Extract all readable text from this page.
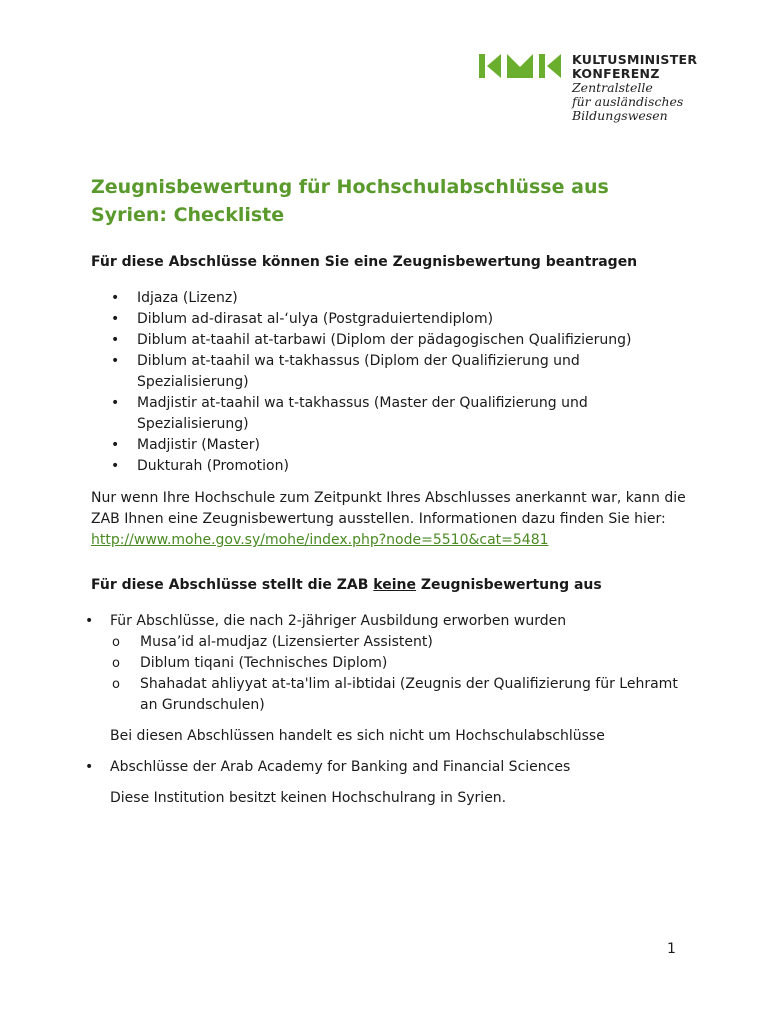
KULTUSMINISTER
KONFERENZ
Zentralstelle
für ausländisches
Bildungswesen
Zeugnisbewertung für Hochschulabschlüsse aus Syrien: Checkliste
Für diese Abschlüsse können Sie eine Zeugnisbewertung beantragen
•	Idjaza (Lizenz)
•	Diblum ad-dirasat al-‘ulya (Postgraduiertendiplom)
•	Diblum at-taahil at-tarbawi (Diplom der pädagogischen Qualifizierung)
•	Diblum at-taahil wa t-takhassus (Diplom der Qualifizierung und Spezialisierung)
•	Madjistir at-taahil wa t-takhassus (Master der Qualifizierung und Spezialisierung)
•	Madjistir (Master)
•	Dukturah (Promotion)

Nur wenn Ihre Hochschule zum Zeitpunkt Ihres Abschlusses anerkannt war, kann die ZAB Ihnen eine Zeugnisbewertung ausstellen. Informationen dazu finden Sie hier: http://www.mohe.gov.sy/mohe/index.php?node=5510&cat=5481

Für diese Abschlüsse stellt die ZAB keine Zeugnisbewertung aus
•	Für Abschlüsse, die nach 2-jähriger Ausbildung erworben wurden
o	Musa’id al-mudjaz (Lizensierter Assistent)
o	Diblum tiqani (Technisches Diplom)
o	Shahadat ahliyyat at-ta'lim al-ibtidai (Zeugnis der Qualifizierung für Lehramt an Grundschulen)
Bei diesen Abschlüssen handelt es sich nicht um Hochschulabschlüsse
•	Abschlüsse der Arab Academy for Banking and Financial Sciences
Diese Institution besitzt keinen Hochschulrang in Syrien.
1
